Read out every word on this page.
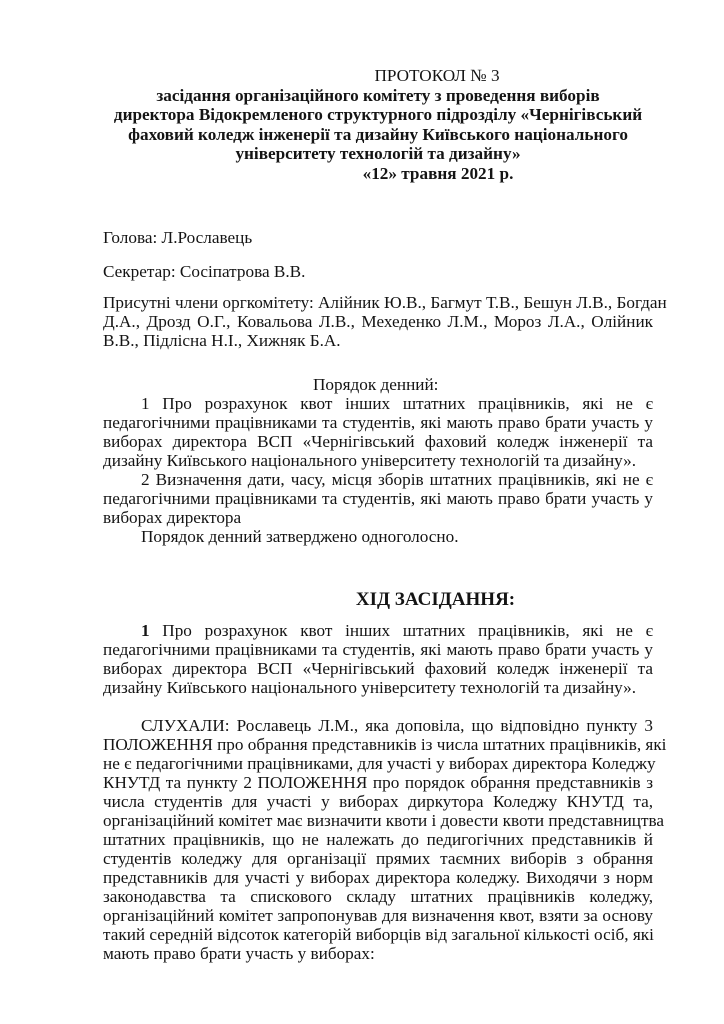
ПРОТОКОЛ № 3
засідання організаційного комітету з проведення виборів
директора Відокремленого структурного підрозділу «Чернігівський
фаховий коледж інженерії та дизайну Київського національного
університету технологій та дизайну»
«12» травня 2021 р.
Голова: Л.Рославець
Секретар: Сосіпатрова В.В.
Присутні члени оргкомітету: Алійник Ю.В., Багмут Т.В., Бешун Л.В., Богдан
Д.А., Дрозд О.Г., Ковальова Л.В., Мехеденко Л.М., Мороз Л.А., Олійник
В.В., Підлісна Н.І., Хижняк Б.А.
Порядок денний:
1 Про розрахунок квот інших штатних працівників, які не є
педагогічними працівниками та студентів, які мають право брати участь у
виборах директора ВСП «Чернігівський фаховий коледж інженерії та
дизайну Київського національного університету технологій та дизайну».
2 Визначення дати, часу, місця зборів штатних працівників, які не є
педагогічними працівниками та студентів, які мають право брати участь у
виборах директора
Порядок денний затверджено одноголосно.
ХІД ЗАСІДАННЯ:
1 Про розрахунок квот інших штатних працівників, які не є
педагогічними працівниками та студентів, які мають право брати участь у
виборах директора ВСП «Чернігівський фаховий коледж інженерії та
дизайну Київського національного університету технологій та дизайну».
СЛУХАЛИ: Рославець Л.М., яка доповіла, що відповідно пункту 3
ПОЛОЖЕННЯ про обрання представників із числа штатних працівників, які
не є педагогічними працівниками, для участі у виборах директора Коледжу
КНУТД та пункту 2 ПОЛОЖЕННЯ про порядок обрання представників з
числа студентів для участі у виборах диркутора Коледжу КНУТД та,
організаційний комітет має визначити квоти і довести квоти представництва
штатних працівників, що не належать до педигогічних представників й
студентів коледжу для організації прямих таємних виборів з обрання
представників для участі у виборах директора коледжу. Виходячи з норм
законодавства та спискового складу штатних працівників коледжу,
організаційний комітет запропонував для визначення квот, взяти за основу
такий середній відсоток категорій виборців від загальної кількості осіб, які
мають право брати участь у виборах:
